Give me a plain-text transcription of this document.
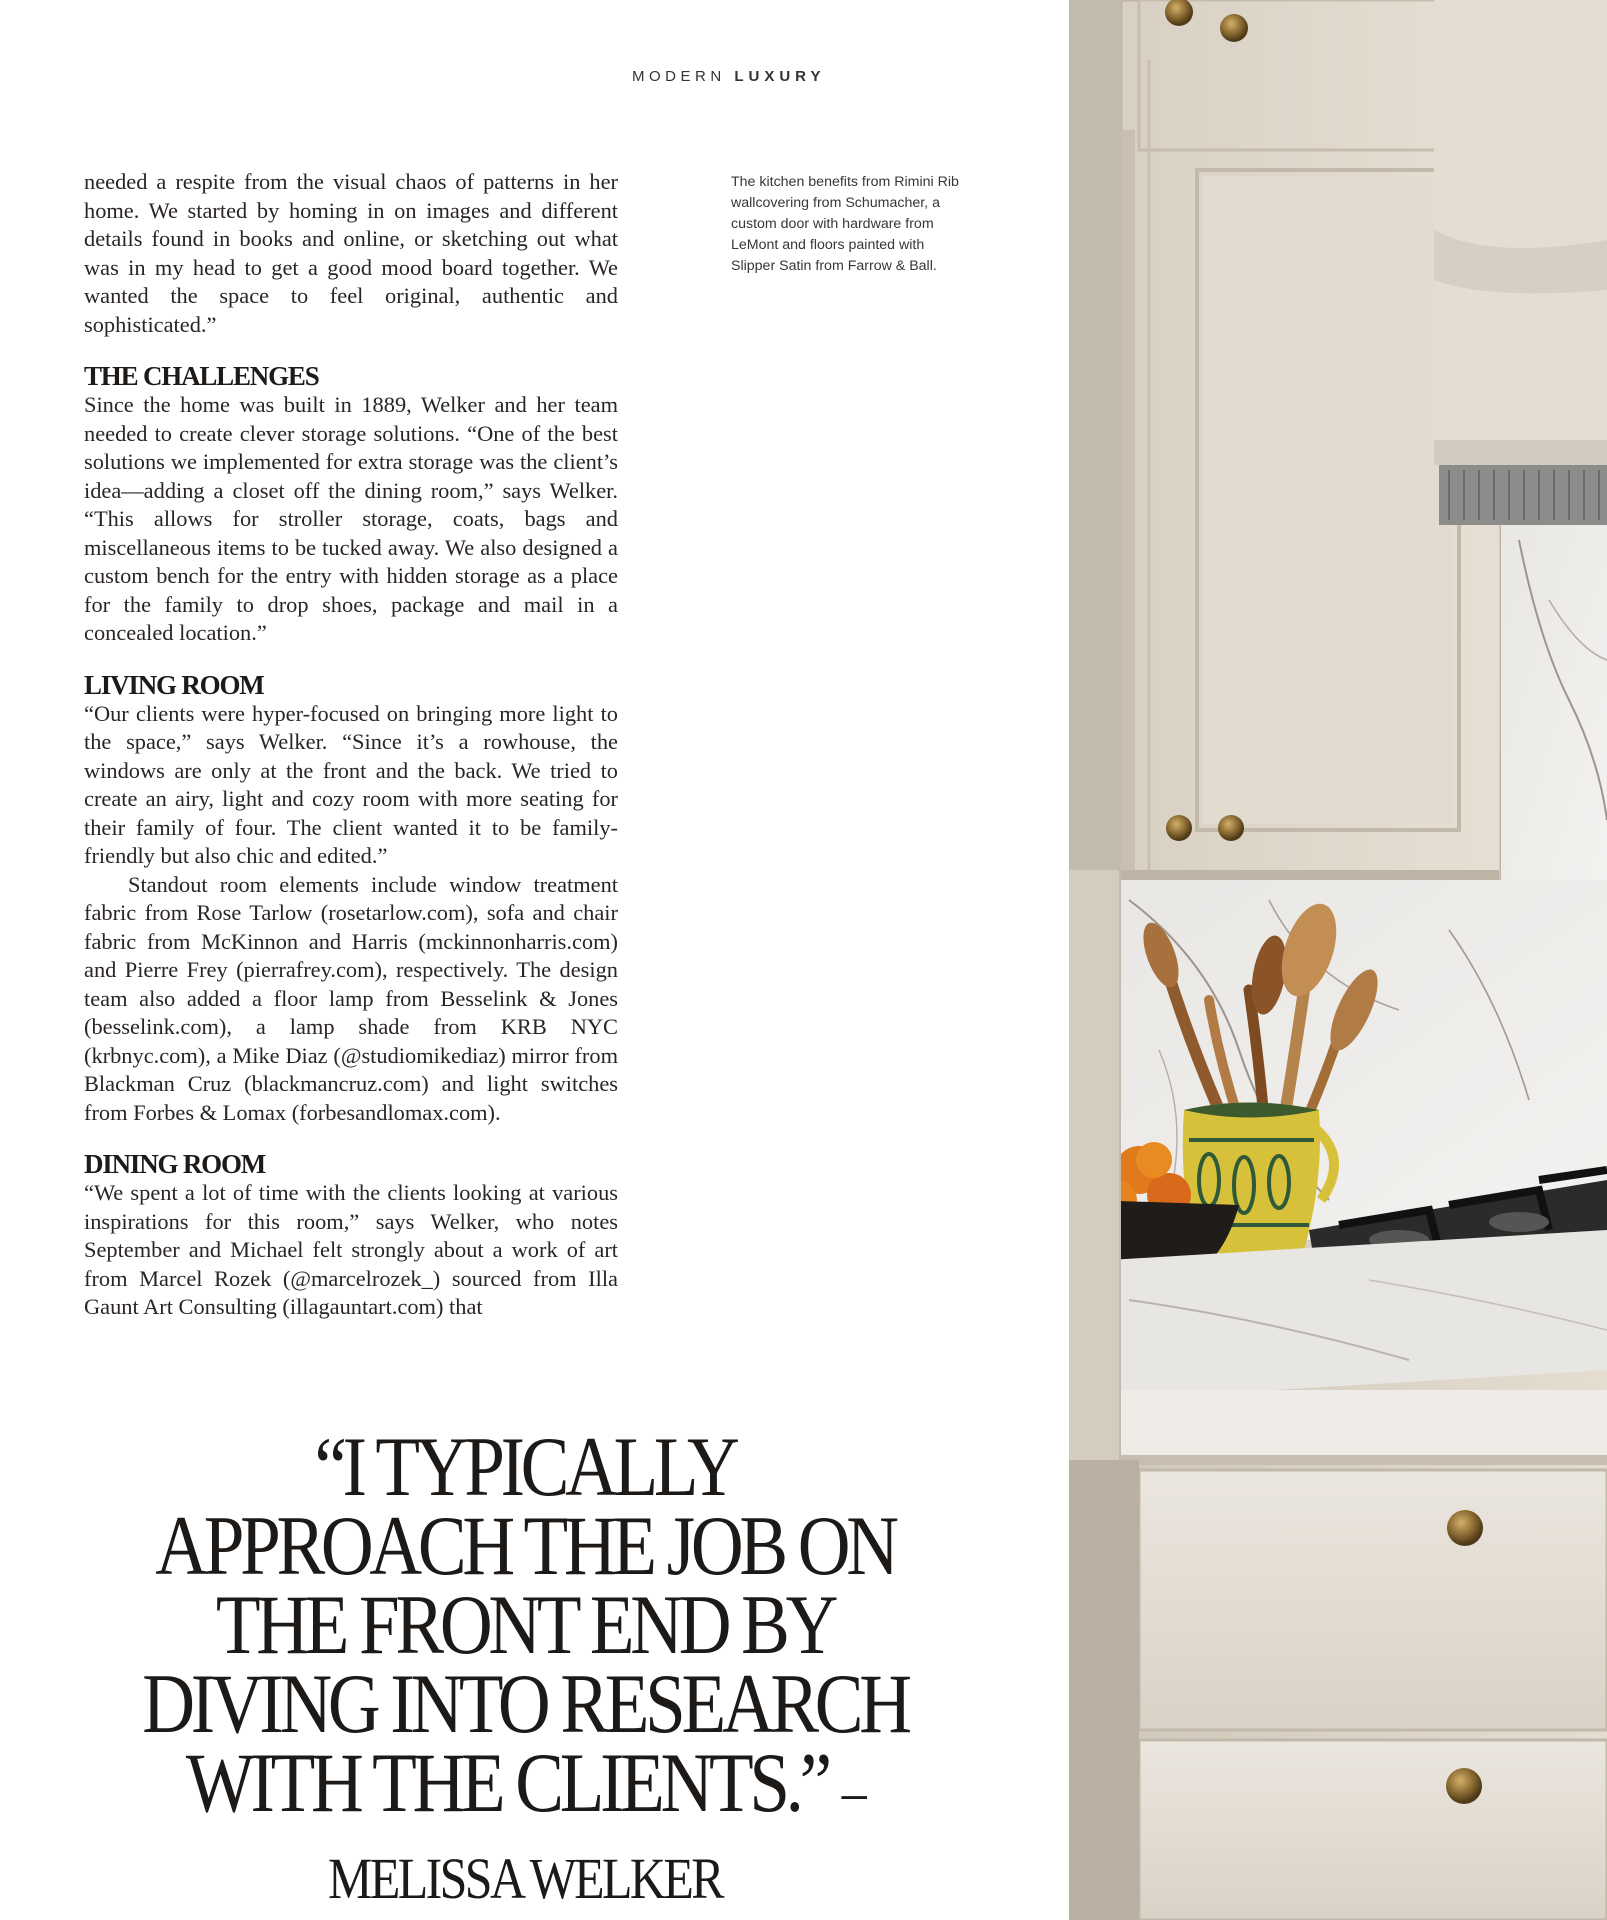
MODERN LUXURY

needed a respite from the visual chaos of patterns in her home. We started by homing in on images and different details found in books and online, or sketching out what was in my head to get a good mood board together. We wanted the space to feel original, authentic and sophisticated.”

THE CHALLENGES

Since the home was built in 1889, Welker and her team needed to create clever storage solutions. “One of the best solutions we implemented for extra storage was the client’s idea—adding a closet off the dining room,” says Welker. “This allows for stroller storage, coats, bags and miscellaneous items to be tucked away. We also designed a custom bench for the entry with hidden storage as a place for the family to drop shoes, package and mail in a concealed location.”

LIVING ROOM

“Our clients were hyper-focused on bringing more light to the space,” says Welker. “Since it’s a rowhouse, the windows are only at the front and the back. We tried to create an airy, light and cozy room with more seating for their family of four. The client wanted it to be family-friendly but also chic and edited.”

Standout room elements include window treatment fabric from Rose Tarlow (rosetarlow.com), sofa and chair fabric from McKinnon and Harris (mckinnonharris.com) and Pierre Frey (pierrafrey.com), respectively. The design team also added a floor lamp from Besselink & Jones (besselink.com), a lamp shade from KRB NYC (krbnyc.com), a Mike Diaz (@studiomikediaz) mirror from Blackman Cruz (blackmancruz.com) and light switches from Forbes & Lomax (forbesandlomax.com).

DINING ROOM

“We spent a lot of time with the clients looking at various inspirations for this room,” says Welker, who notes September and Michael felt strongly about a work of art from Marcel Rozek (@marcelrozek_) sourced from Illa Gaunt Art Consulting (illagauntart.com) that

The kitchen benefits from Rimini Rib wallcovering from Schumacher, a custom door with hardware from LeMont and floors painted with Slipper Satin from Farrow & Ball.
“I TYPICALLY APPROACH THE JOB ON THE FRONT END BY DIVING INTO RESEARCH WITH THE CLIENTS.” –MELISSA WELKER
